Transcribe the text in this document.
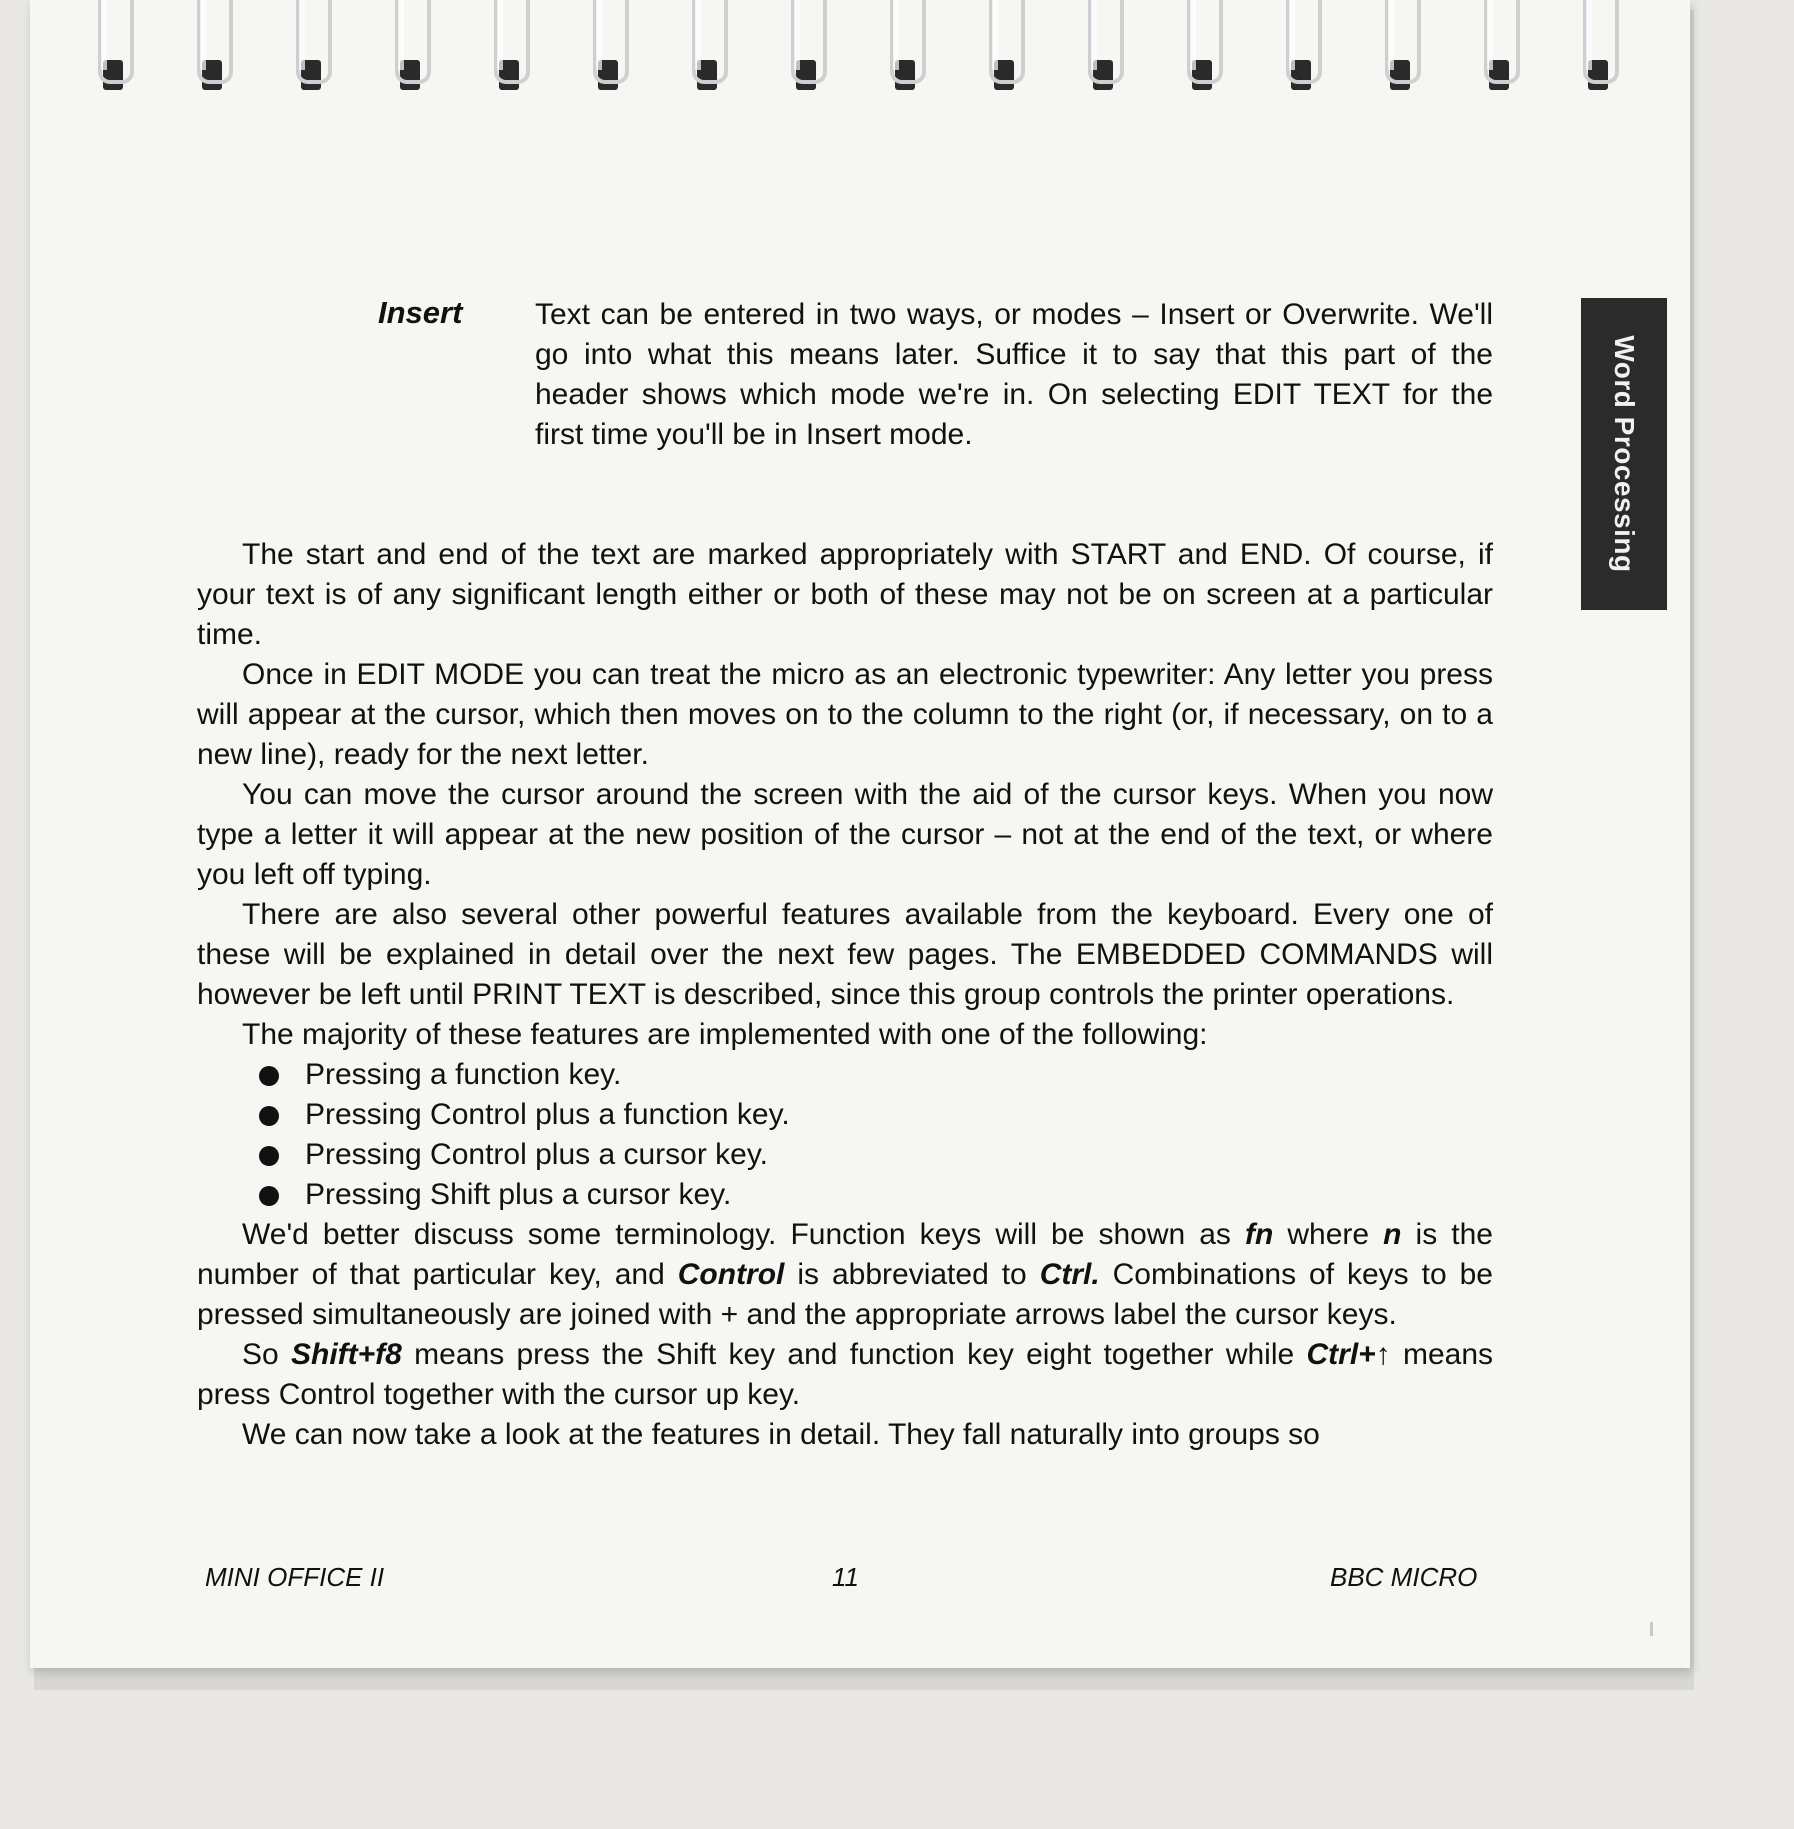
Word Processing
Insert Text can be entered in two ways, or modes – Insert or Overwrite. We'll go into what this means later. Suffice it to say that this part of the header shows which mode we're in. On selecting EDIT TEXT for the first time you'll be in Insert mode.

The start and end of the text are marked appropriately with START and END. Of course, if your text is of any significant length either or both of these may not be on screen at a particular time.

Once in EDIT MODE you can treat the micro as an electronic typewriter: Any letter you press will appear at the cursor, which then moves on to the column to the right (or, if necessary, on to a new line), ready for the next letter.

You can move the cursor around the screen with the aid of the cursor keys. When you now type a letter it will appear at the new position of the cursor – not at the end of the text, or where you left off typing.

There are also several other powerful features available from the keyboard. Every one of these will be explained in detail over the next few pages. The EMBEDDED COMMANDS will however be left until PRINT TEXT is described, since this group controls the printer operations.

The majority of these features are implemented with one of the following:

Pressing a function key.
Pressing Control plus a function key.
Pressing Control plus a cursor key.
Pressing Shift plus a cursor key.

We'd better discuss some terminology. Function keys will be shown as fn where n is the number of that particular key, and Control is abbreviated to Ctrl. Combinations of keys to be pressed simultaneously are joined with + and the appropriate arrows label the cursor keys.

So Shift+f8 means press the Shift key and function key eight together while Ctrl+↑ means press Control together with the cursor up key.

We can now take a look at the features in detail. They fall naturally into groups so

MINI OFFICE II	11	BBC MICRO
